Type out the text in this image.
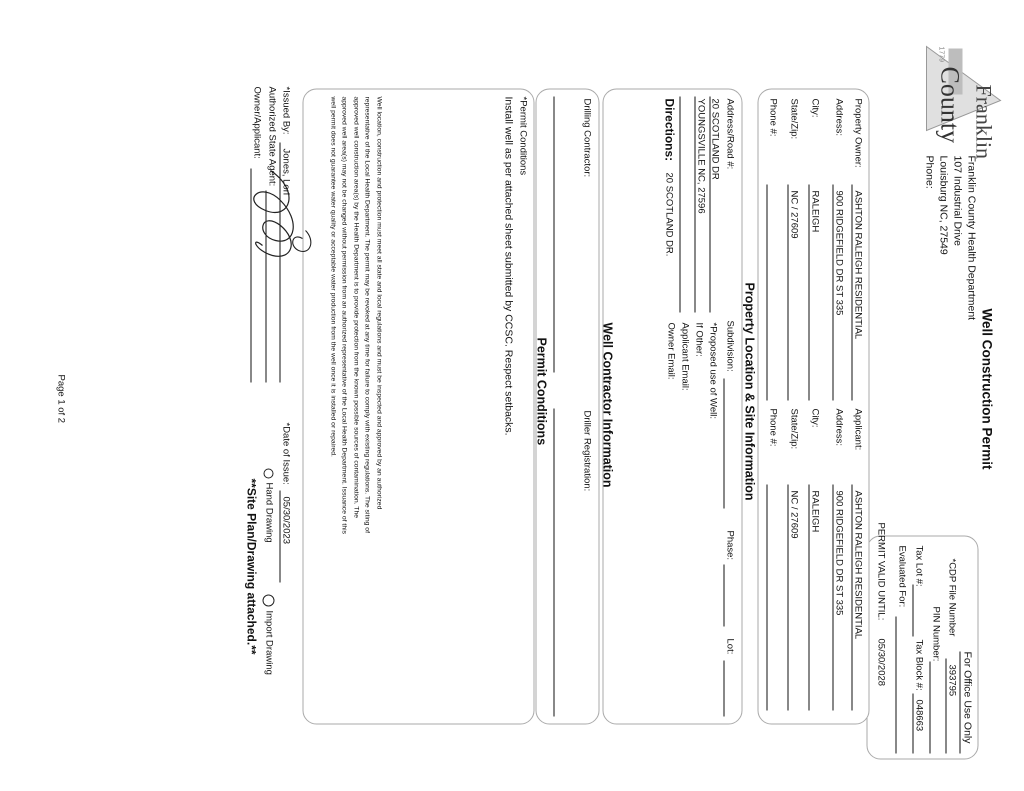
Franklin
County
1779
Well Construction Permit
Franklin County Health Department
107 Industrial Drive
Louisburg NC, 27549
Phone:
For Office Use Only
*CDP File Number
393795
PIN Number:
Tax Lot #:
Tax Block #:
048663
Evaluated For:
PERMIT VALID UNTIL:
05/30/2028
Property Owner:
ASHTON RALEIGH RESIDENTIAL
Address:
900 RIDGEFIELD DR ST 335
City:
RALEIGH
State/Zip:
NC / 27609
Phone #:
Applicant:
ASHTON RALEIGH RESIDENTIAL
Address:
900 RIDGEFIELD DR ST 335
City:
RALEIGH
State/Zip:
NC / 27609
Phone #:
Property Location & Site Information
Address/Road #:
20 SCOTLAND DR
YOUNGSVILLE NC, 27596
Directions:
20 SCOTLAND DR.
Subdivision:
Phase:
Lot:
*Proposed use of Well:
If Other:
Applicant Email:
Owner Email:
Well Contractor Information
Drilling Contractor:
Driller Registration:
Permit Conditions
*Permit Conditions
Install well as per attached sheet submitted by CCSC. Respect setbacks.
Well location, construction and protection must meet all state and local regulations and must be inspected and approved by an authorized
representative of the Local Health Department. The permit may be revoked at any time for failure to comply with existing regulations. The siting of
approved well construction area(s) by the Health Department is to provide protection from the known possible sources of contamination. The
approved well area(s) may not be changed without permission from an authorized representative of the Local Health Department. Issuance of this
well permit does not guarantee water quality or acceptable water production from the well once it is installed or repaired.
*Issued By:
Jones, Lori
Authorized State Agent:
Owner/Applicant:
*Date of Issue:
05/30/2023
Hand Drawing
Import Drawing
**Site Plan/Drawing attached.**
Page 1 of 2
